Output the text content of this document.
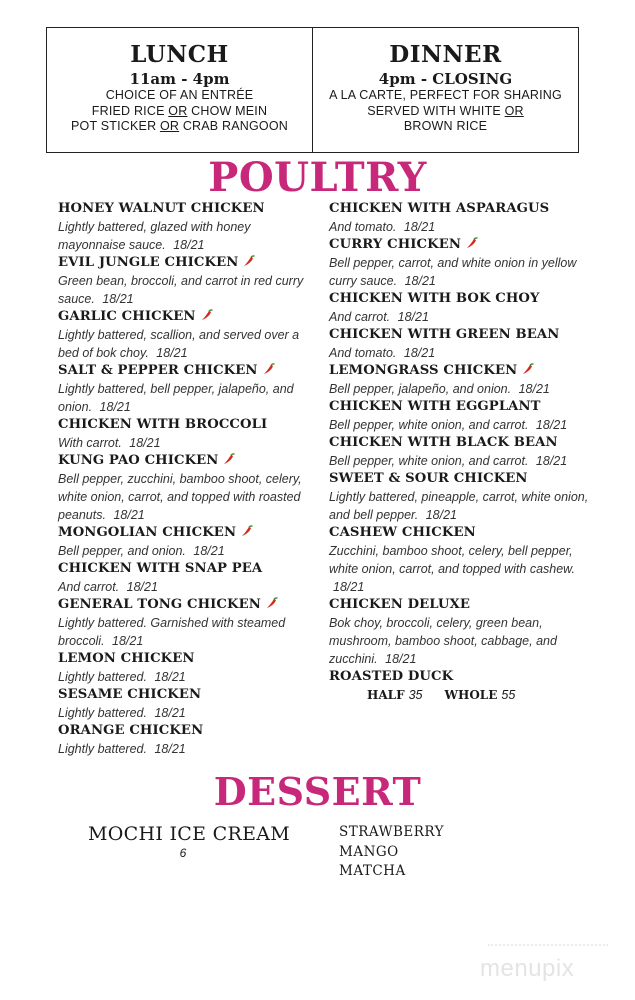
LUNCH
11am - 4pm
CHOICE OF AN ENTRÉE
FRIED RICE OR CHOW MEIN
POT STICKER OR CRAB RANGOON
DINNER
4pm - CLOSING
A LA CARTE, PERFECT FOR SHARING
SERVED WITH WHITE OR
BROWN RICE
POULTRY
HONEY WALNUT CHICKEN
Lightly battered, glazed with honey mayonnaise sauce. 18/21
EVIL JUNGLE CHICKEN
Green bean, broccoli, and carrot in red curry sauce. 18/21
GARLIC CHICKEN
Lightly battered, scallion, and served over a bed of bok choy. 18/21
SALT & PEPPER CHICKEN
Lightly battered, bell pepper, jalapeño, and onion. 18/21
CHICKEN WITH BROCCOLI
With carrot. 18/21
KUNG PAO CHICKEN
Bell pepper, zucchini, bamboo shoot, celery, white onion, carrot, and topped with roasted peanuts. 18/21
MONGOLIAN CHICKEN
Bell pepper, and onion. 18/21
CHICKEN WITH SNAP PEA
And carrot. 18/21
GENERAL TONG CHICKEN
Lightly battered. Garnished with steamed broccoli. 18/21
LEMON CHICKEN
Lightly battered. 18/21
SESAME CHICKEN
Lightly battered. 18/21
ORANGE CHICKEN
Lightly battered. 18/21
CHICKEN WITH ASPARAGUS
And tomato. 18/21
CURRY CHICKEN
Bell pepper, carrot, and white onion in yellow curry sauce. 18/21
CHICKEN WITH BOK CHOY
And carrot. 18/21
CHICKEN WITH GREEN BEAN
And tomato. 18/21
LEMONGRASS CHICKEN
Bell pepper, jalapeño, and onion. 18/21
CHICKEN WITH EGGPLANT
Bell pepper, white onion, and carrot. 18/21
CHICKEN WITH BLACK BEAN
Bell pepper, white onion, and carrot. 18/21
SWEET & SOUR CHICKEN
Lightly battered, pineapple, carrot, white onion, and bell pepper. 18/21
CASHEW CHICKEN
Zucchini, bamboo shoot, celery, bell pepper, white onion, carrot, and topped with cashew. 18/21
CHICKEN DELUXE
Bok choy, broccoli, celery, green bean, mushroom, bamboo shoot, cabbage, and zucchini. 18/21
ROASTED DUCK
HALF 35 WHOLE 55
DESSERT
MOCHI ICE CREAM
6
STRAWBERRY
MANGO
MATCHA
menupix
